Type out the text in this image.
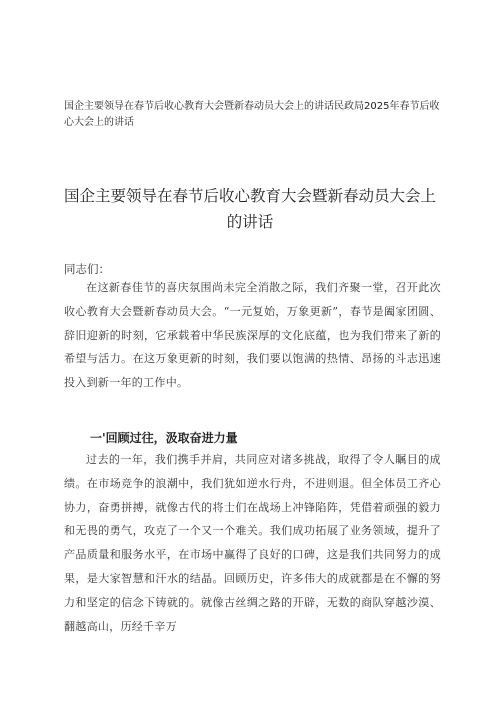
国企主要领导在春节后收心教育大会暨新春动员大会上的讲话民政局2025年春节后收心大会上的讲话
国企主要领导在春节后收心教育大会暨新春动员大会上的讲话
同志们：

在这新春佳节的喜庆氛围尚未完全消散之际，我们齐聚一堂，召开此次收心教育大会暨新春动员大会。“一元复始，万象更新”，春节是阖家团圆、辞旧迎新的时刻，它承载着中华民族深厚的文化底蕴，也为我们带来了新的希望与活力。在这万象更新的时刻，我们要以饱满的热情、昂扬的斗志迅速投入到新一年的工作中。

一'回顾过往，汲取奋进力量

过去的一年，我们携手并肩，共同应对诸多挑战，取得了令人瞩目的成绩。在市场竞争的浪潮中，我们犹如逆水行舟，不进则退。但全体员工齐心协力，奋勇拼搏，就像古代的将士们在战场上冲锋陷阵，凭借着顽强的毅力和无畏的勇气，攻克了一个又一个难关。我们成功拓展了业务领域，提升了产品质量和服务水平，在市场中赢得了良好的口碑，这是我们共同努力的成果，是大家智慧和汗水的结晶。回顾历史，许多伟大的成就都是在不懈的努力和坚定的信念下铸就的。就像古丝绸之路的开辟，无数的商队穿越沙漠、翻越高山，历经千辛万
